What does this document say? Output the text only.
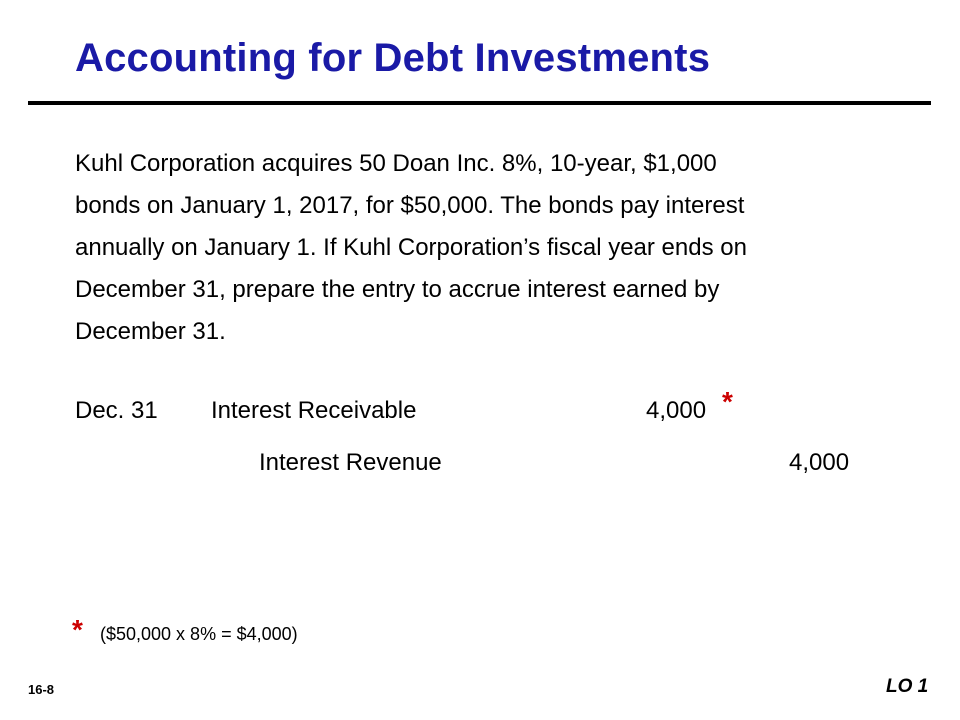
Accounting for Debt Investments
Kuhl Corporation acquires 50 Doan Inc. 8%, 10-year, $1,000
bonds on January 1, 2017, for $50,000. The bonds pay interest
annually on January 1. If Kuhl Corporation’s fiscal year ends on
December 31, prepare the entry to accrue interest earned by
December 31.
Dec. 31 Interest Receivable	4,000 *
Interest Revenue	4,000
* ($50,000 x 8% = $4,000)
16-8	LO 1
